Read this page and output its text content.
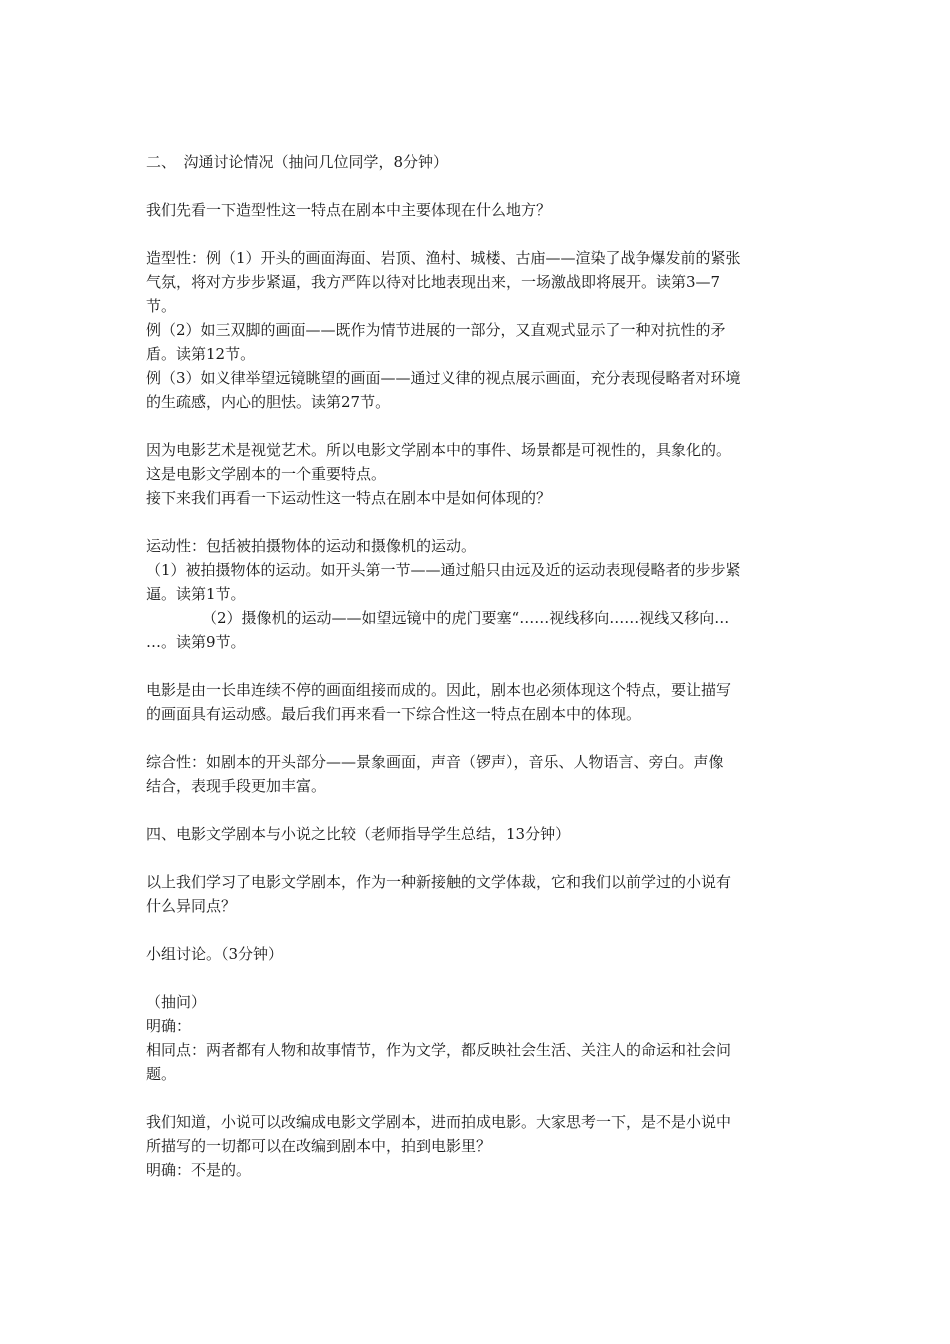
二、　沟通讨论情况（抽问几位同学，8分钟）
我们先看一下造型性这一特点在剧本中主要体现在什么地方？
造型性：例（1）开头的画面海面、岩顶、渔村、城楼、古庙——渲染了战争爆发前的紧张
气氛，将对方步步紧逼，我方严阵以待对比地表现出来，一场激战即将展开。读第3—7
节。
例（2）如三双脚的画面——既作为情节进展的一部分，又直观式显示了一种对抗性的矛
盾。读第12节。
例（3）如义律举望远镜眺望的画面——通过义律的视点展示画面，充分表现侵略者对环境
的生疏感，内心的胆怯。读第27节。
因为电影艺术是视觉艺术。所以电影文学剧本中的事件、场景都是可视性的，具象化的。
这是电影文学剧本的一个重要特点。
接下来我们再看一下运动性这一特点在剧本中是如何体现的？
运动性：包括被拍摄物体的运动和摄像机的运动。
（1）被拍摄物体的运动。如开头第一节——通过船只由远及近的运动表现侵略者的步步紧
逼。读第1节。
（2）摄像机的运动——如望远镜中的虎门要塞“……视线移向……视线又移向…
…。读第9节。
电影是由一长串连续不停的画面组接而成的。因此，剧本也必须体现这个特点，要让描写
的画面具有运动感。最后我们再来看一下综合性这一特点在剧本中的体现。
综合性：如剧本的开头部分——景象画面，声音（锣声），音乐、人物语言、旁白。声像
结合，表现手段更加丰富。
四、电影文学剧本与小说之比较（老师指导学生总结，13分钟）
以上我们学习了电影文学剧本，作为一种新接触的文学体裁，它和我们以前学过的小说有
什么异同点？
小组讨论。（3分钟）
（抽问）
明确：
相同点：两者都有人物和故事情节，作为文学，都反映社会生活、关注人的命运和社会问
题。
我们知道，小说可以改编成电影文学剧本，进而拍成电影。大家思考一下，是不是小说中
所描写的一切都可以在改编到剧本中，拍到电影里？
明确：不是的。
